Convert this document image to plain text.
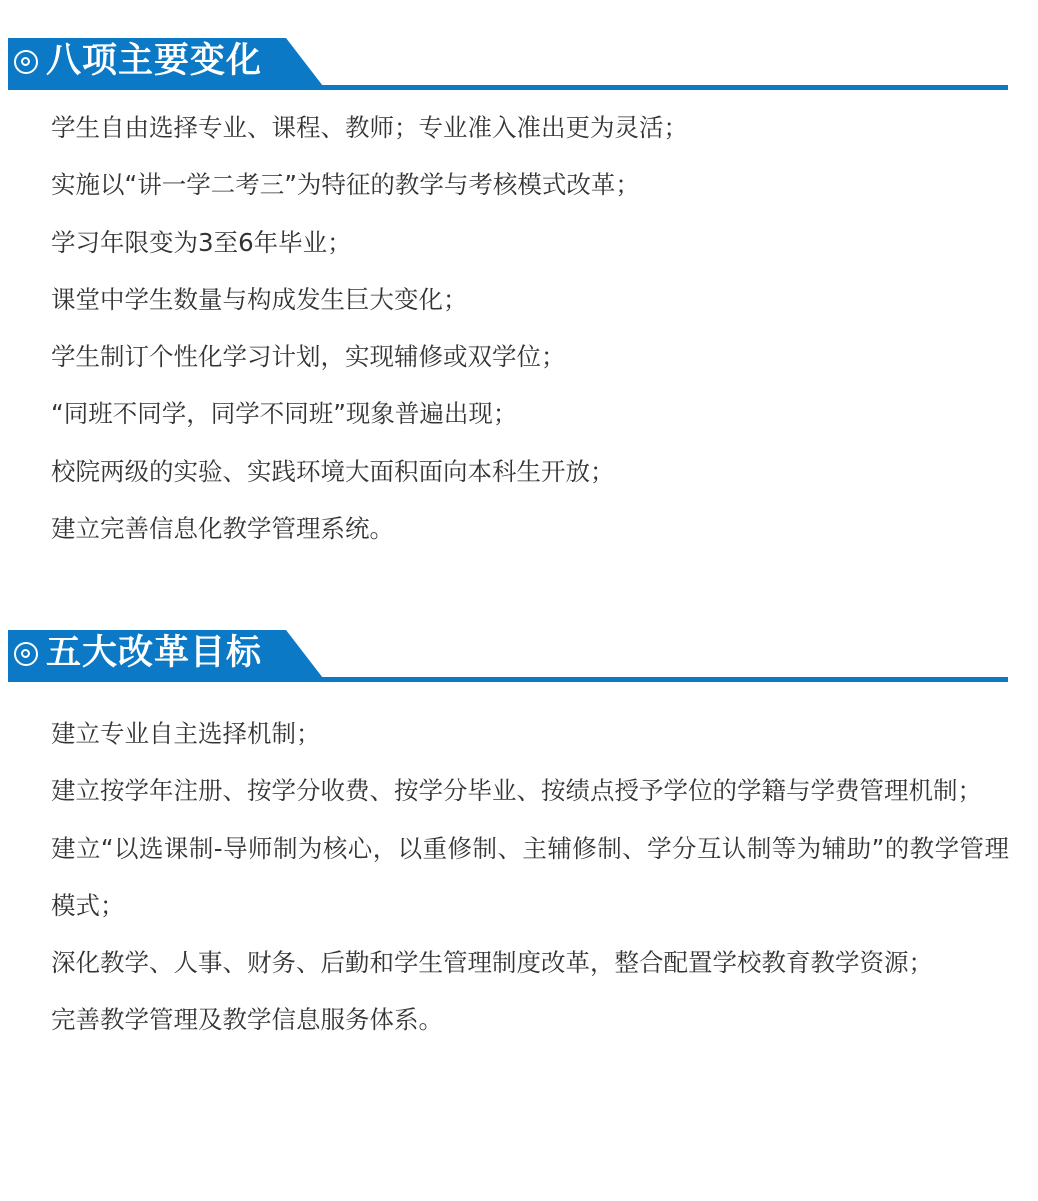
八项主要变化
学生自由选择专业、课程、教师；专业准入准出更为灵活；
实施以“讲一学二考三”为特征的教学与考核模式改革；
学习年限变为3至6年毕业；
课堂中学生数量与构成发生巨大变化；
学生制订个性化学习计划，实现辅修或双学位；
“同班不同学，同学不同班”现象普遍出现；
校院两级的实验、实践环境大面积面向本科生开放；
建立完善信息化教学管理系统。
五大改革目标
建立专业自主选择机制；
建立按学年注册、按学分收费、按学分毕业、按绩点授予学位的学籍与学费管理机制；
建立“以选课制-导师制为核心，以重修制、主辅修制、学分互认制等为辅助”的教学管理模式；
深化教学、人事、财务、后勤和学生管理制度改革，整合配置学校教育教学资源；
完善教学管理及教学信息服务体系。
